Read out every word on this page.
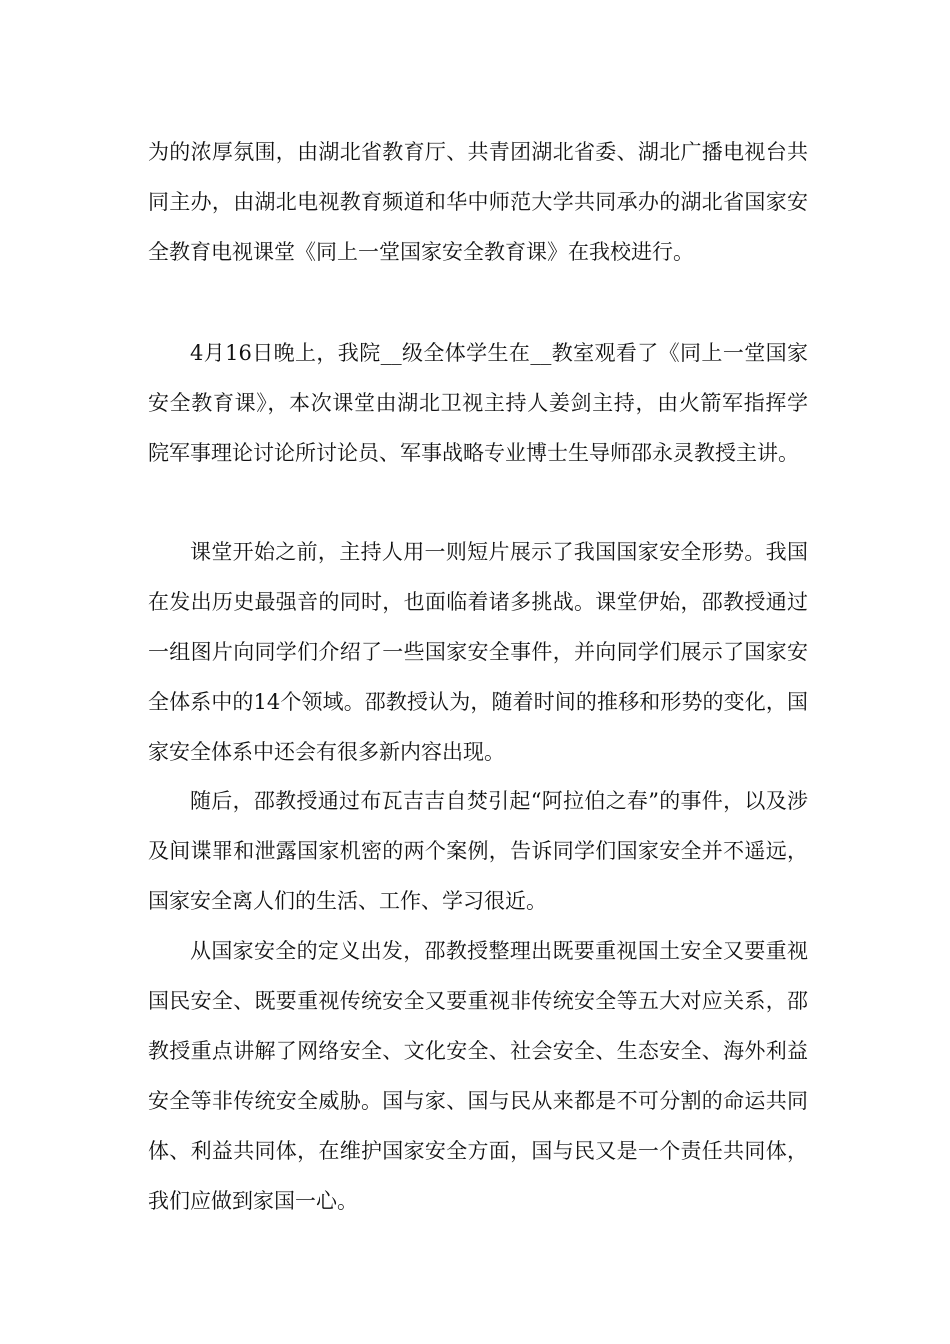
为的浓厚氛围，由湖北省教育厅、共青团湖北省委、湖北广播电视台共同主办，由湖北电视教育频道和华中师范大学共同承办的湖北省国家安全教育电视课堂《同上一堂国家安全教育课》在我校进行。

4月16日晚上，我院__级全体学生在__教室观看了《同上一堂国家安全教育课》，本次课堂由湖北卫视主持人姜剑主持，由火箭军指挥学院军事理论讨论所讨论员、军事战略专业博士生导师邵永灵教授主讲。

课堂开始之前，主持人用一则短片展示了我国国家安全形势。我国在发出历史最强音的同时，也面临着诸多挑战。课堂伊始，邵教授通过一组图片向同学们介绍了一些国家安全事件，并向同学们展示了国家安全体系中的14个领域。邵教授认为，随着时间的推移和形势的变化，国家安全体系中还会有很多新内容出现。

随后，邵教授通过布瓦吉吉自焚引起“阿拉伯之春”的事件，以及涉及间谍罪和泄露国家机密的两个案例，告诉同学们国家安全并不遥远，国家安全离人们的生活、工作、学习很近。

从国家安全的定义出发，邵教授整理出既要重视国土安全又要重视国民安全、既要重视传统安全又要重视非传统安全等五大对应关系，邵教授重点讲解了网络安全、文化安全、社会安全、生态安全、海外利益安全等非传统安全威胁。国与家、国与民从来都是不可分割的命运共同体、利益共同体，在维护国家安全方面，国与民又是一个责任共同体，我们应做到家国一心。
